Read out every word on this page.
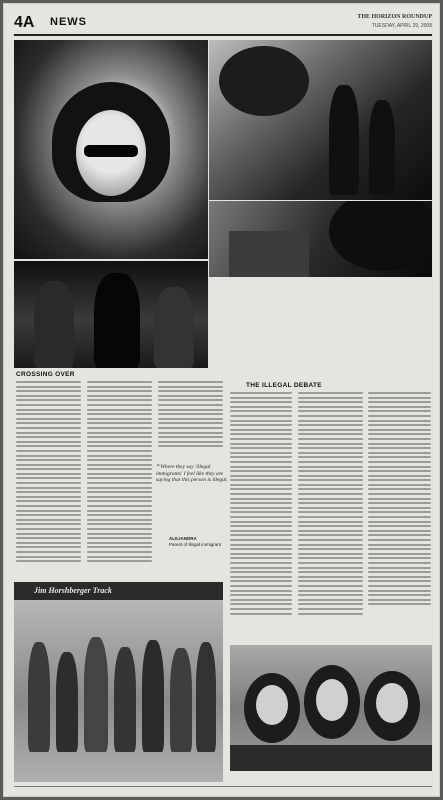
4A NEWS	THE HORIZON ROUNDUP
TUESDAY, APRIL 29, 2008
CROSSING OVER
THE ILLEGAL DEBATE
❝ Where they say 'illegal immigrants' I feel like they are saying that this person is illegal.
ALEJANDRA
Parent of illegal immigrant
Jim Horshberger Track
